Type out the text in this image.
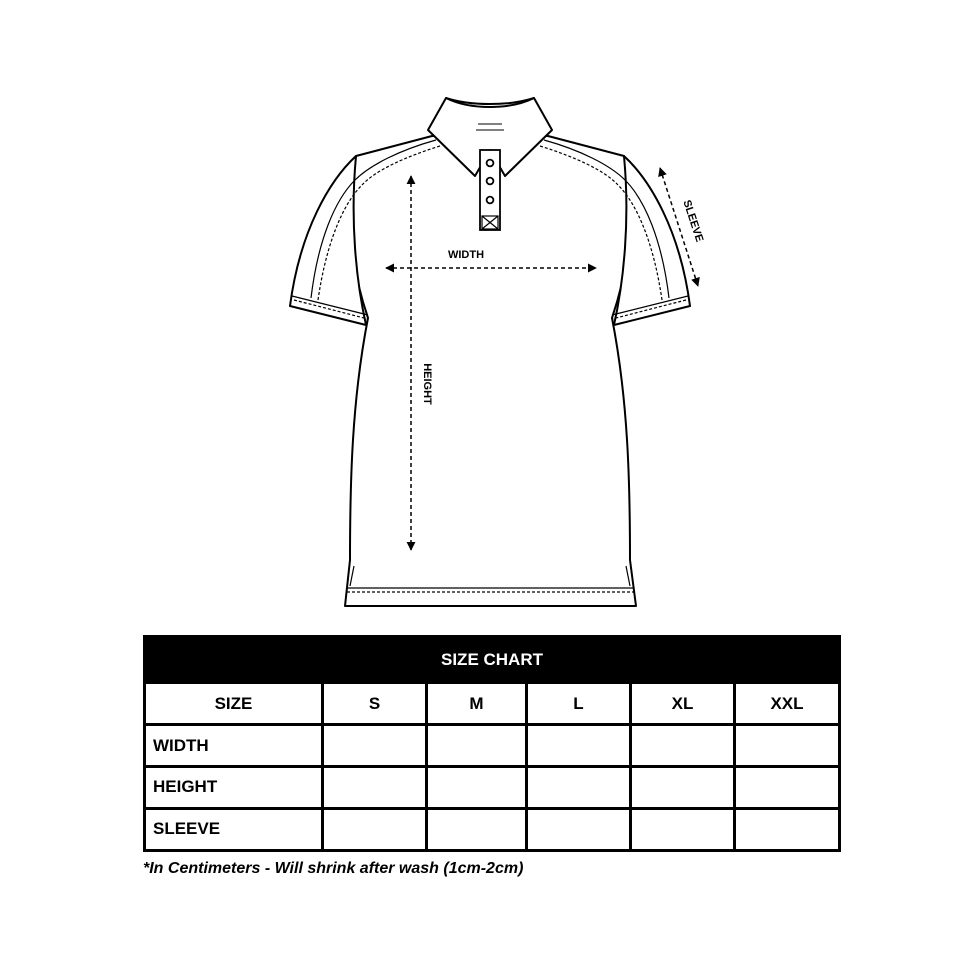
WIDTH
HEIGHT
SLEEVE
SIZE CHART					
SIZE	S	M	L	XL	XXL
WIDTH					
HEIGHT					
SLEEVE					
*In Centimeters - Will shrink after wash (1cm-2cm)
